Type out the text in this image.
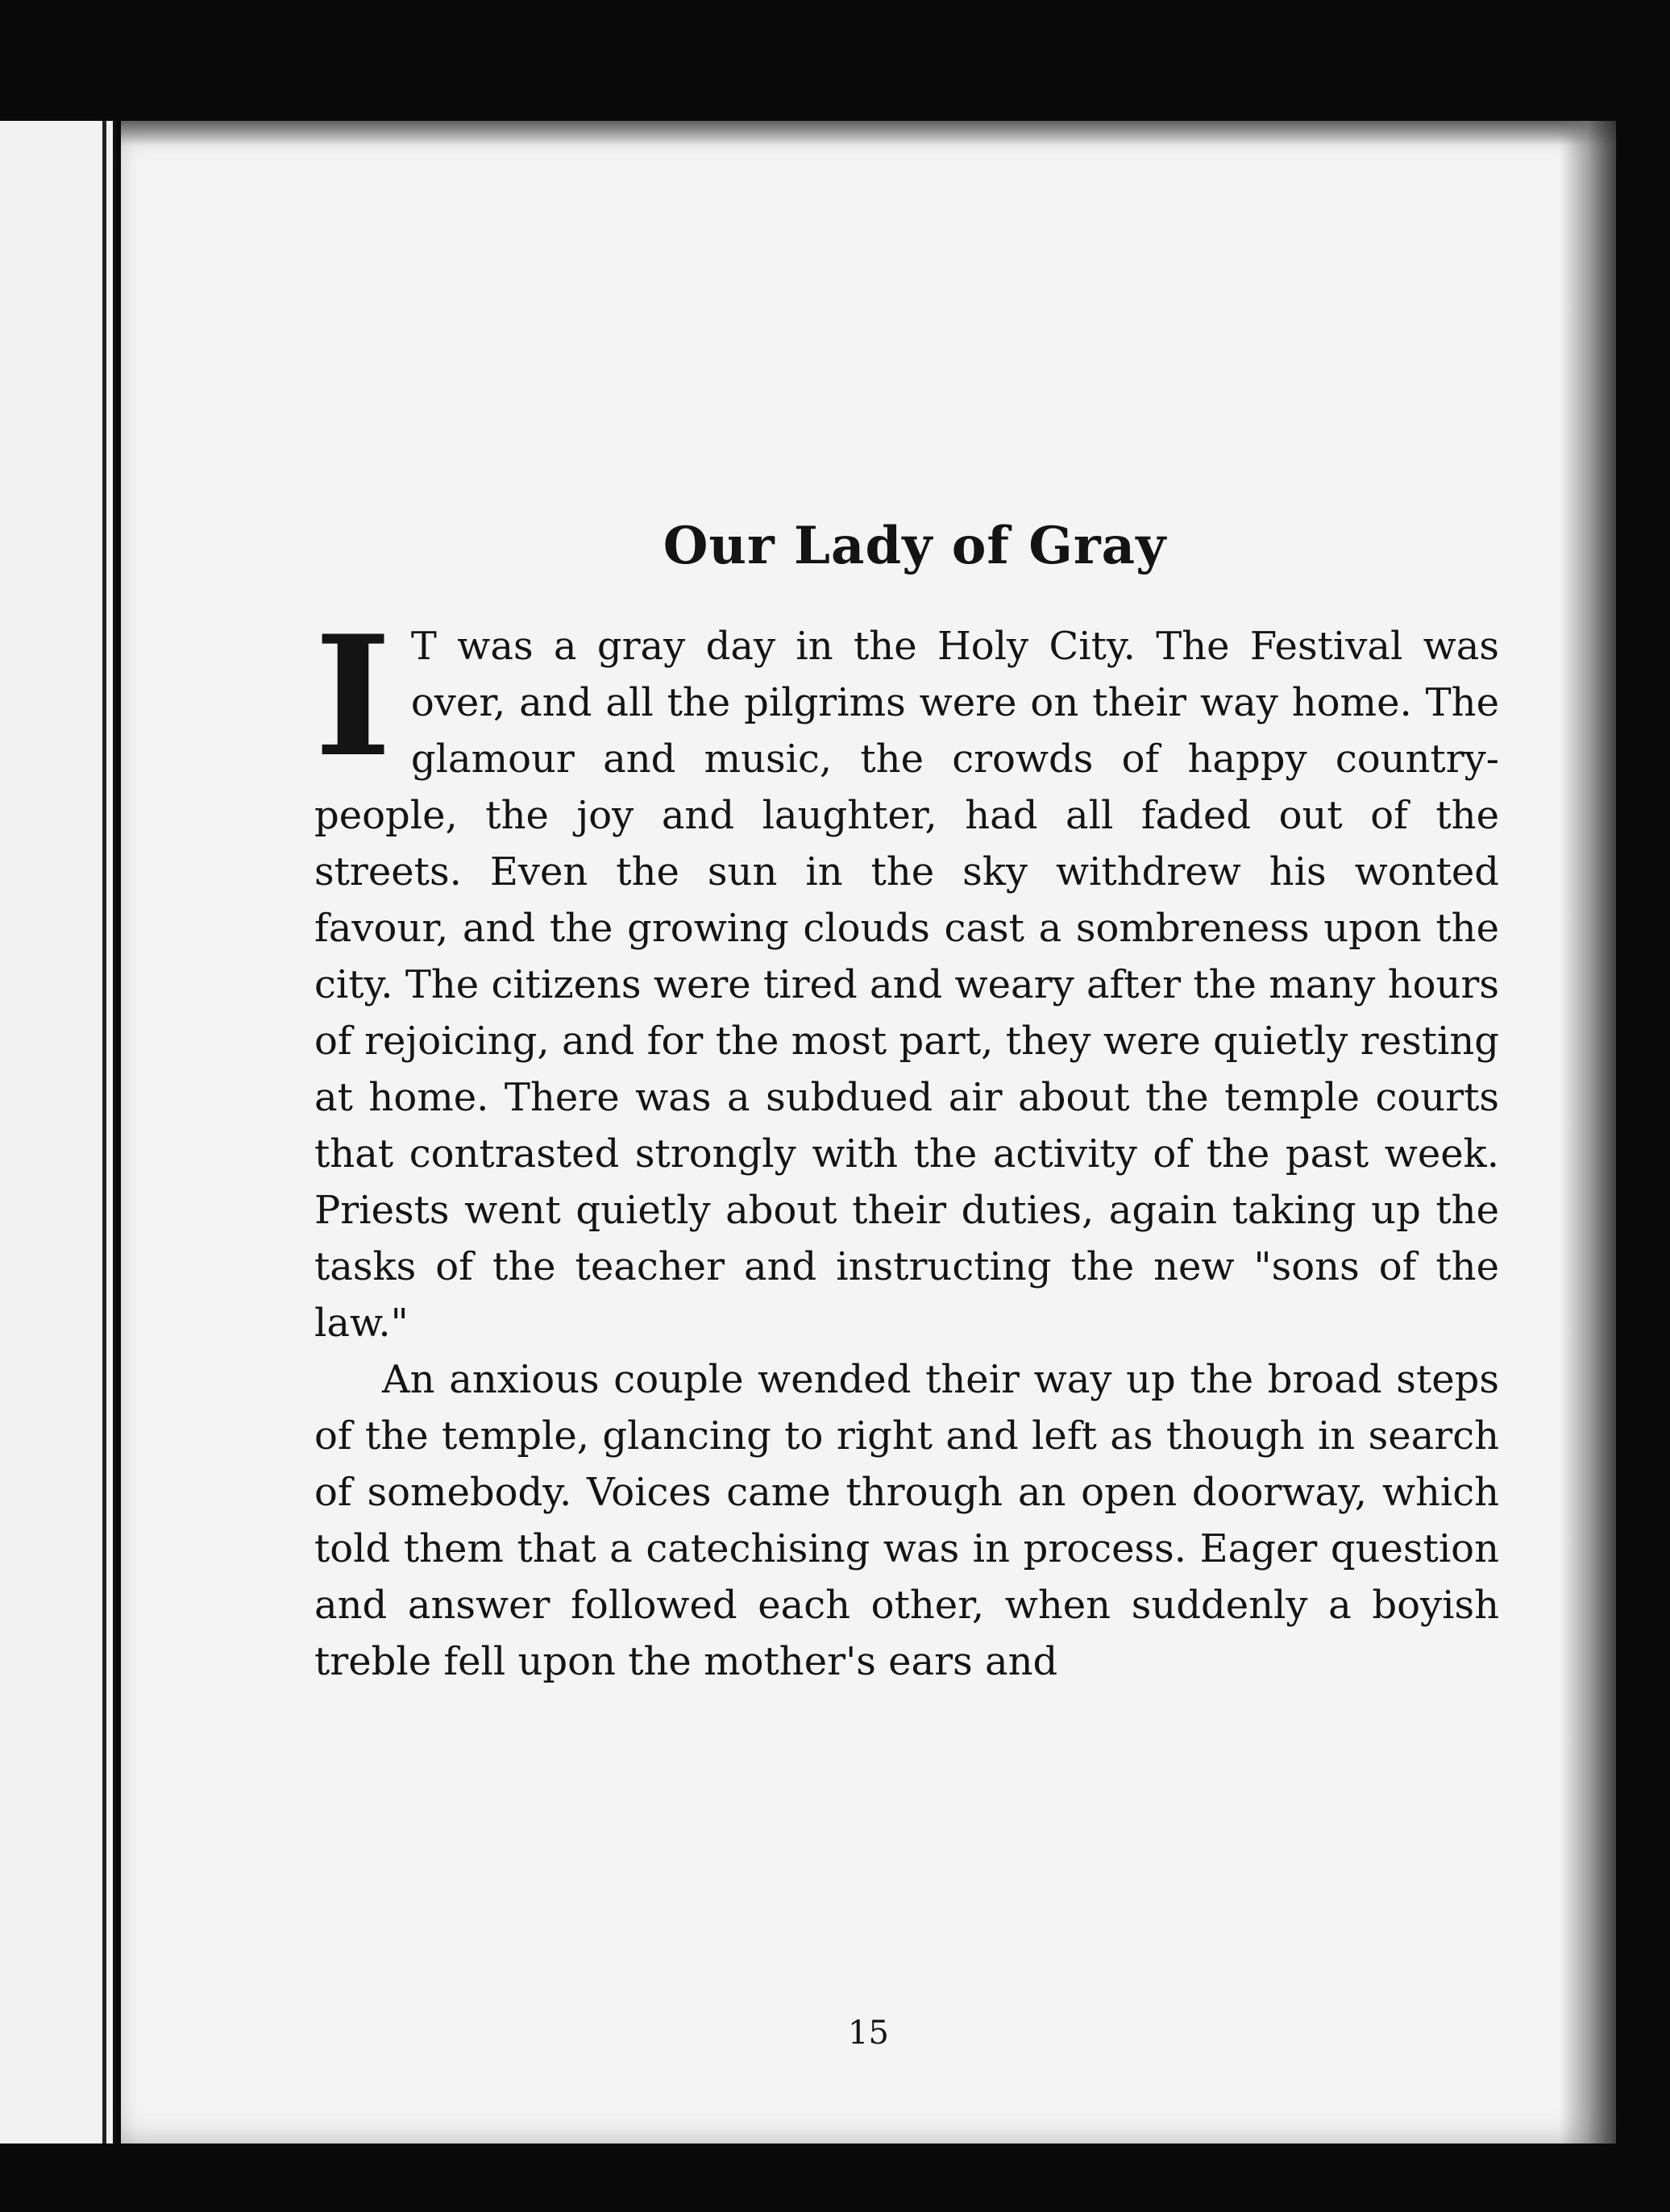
Our Lady of Gray

IT was a gray day in the Holy City. The Festival was over, and all the pilgrims were on their way home. The glamour and music, the crowds of happy country-people, the joy and laughter, had all faded out of the streets. Even the sun in the sky withdrew his wonted favour, and the growing clouds cast a sombreness upon the city. The citizens were tired and weary after the many hours of rejoicing, and for the most part, they were quietly resting at home. There was a subdued air about the temple courts that contrasted strongly with the activity of the past week. Priests went quietly about their duties, again taking up the tasks of the teacher and instructing the new "sons of the law."

An anxious couple wended their way up the broad steps of the temple, glancing to right and left as though in search of somebody. Voices came through an open doorway, which told them that a catechising was in process. Eager question and answer followed each other, when suddenly a boyish treble fell upon the mother's ears and

15
